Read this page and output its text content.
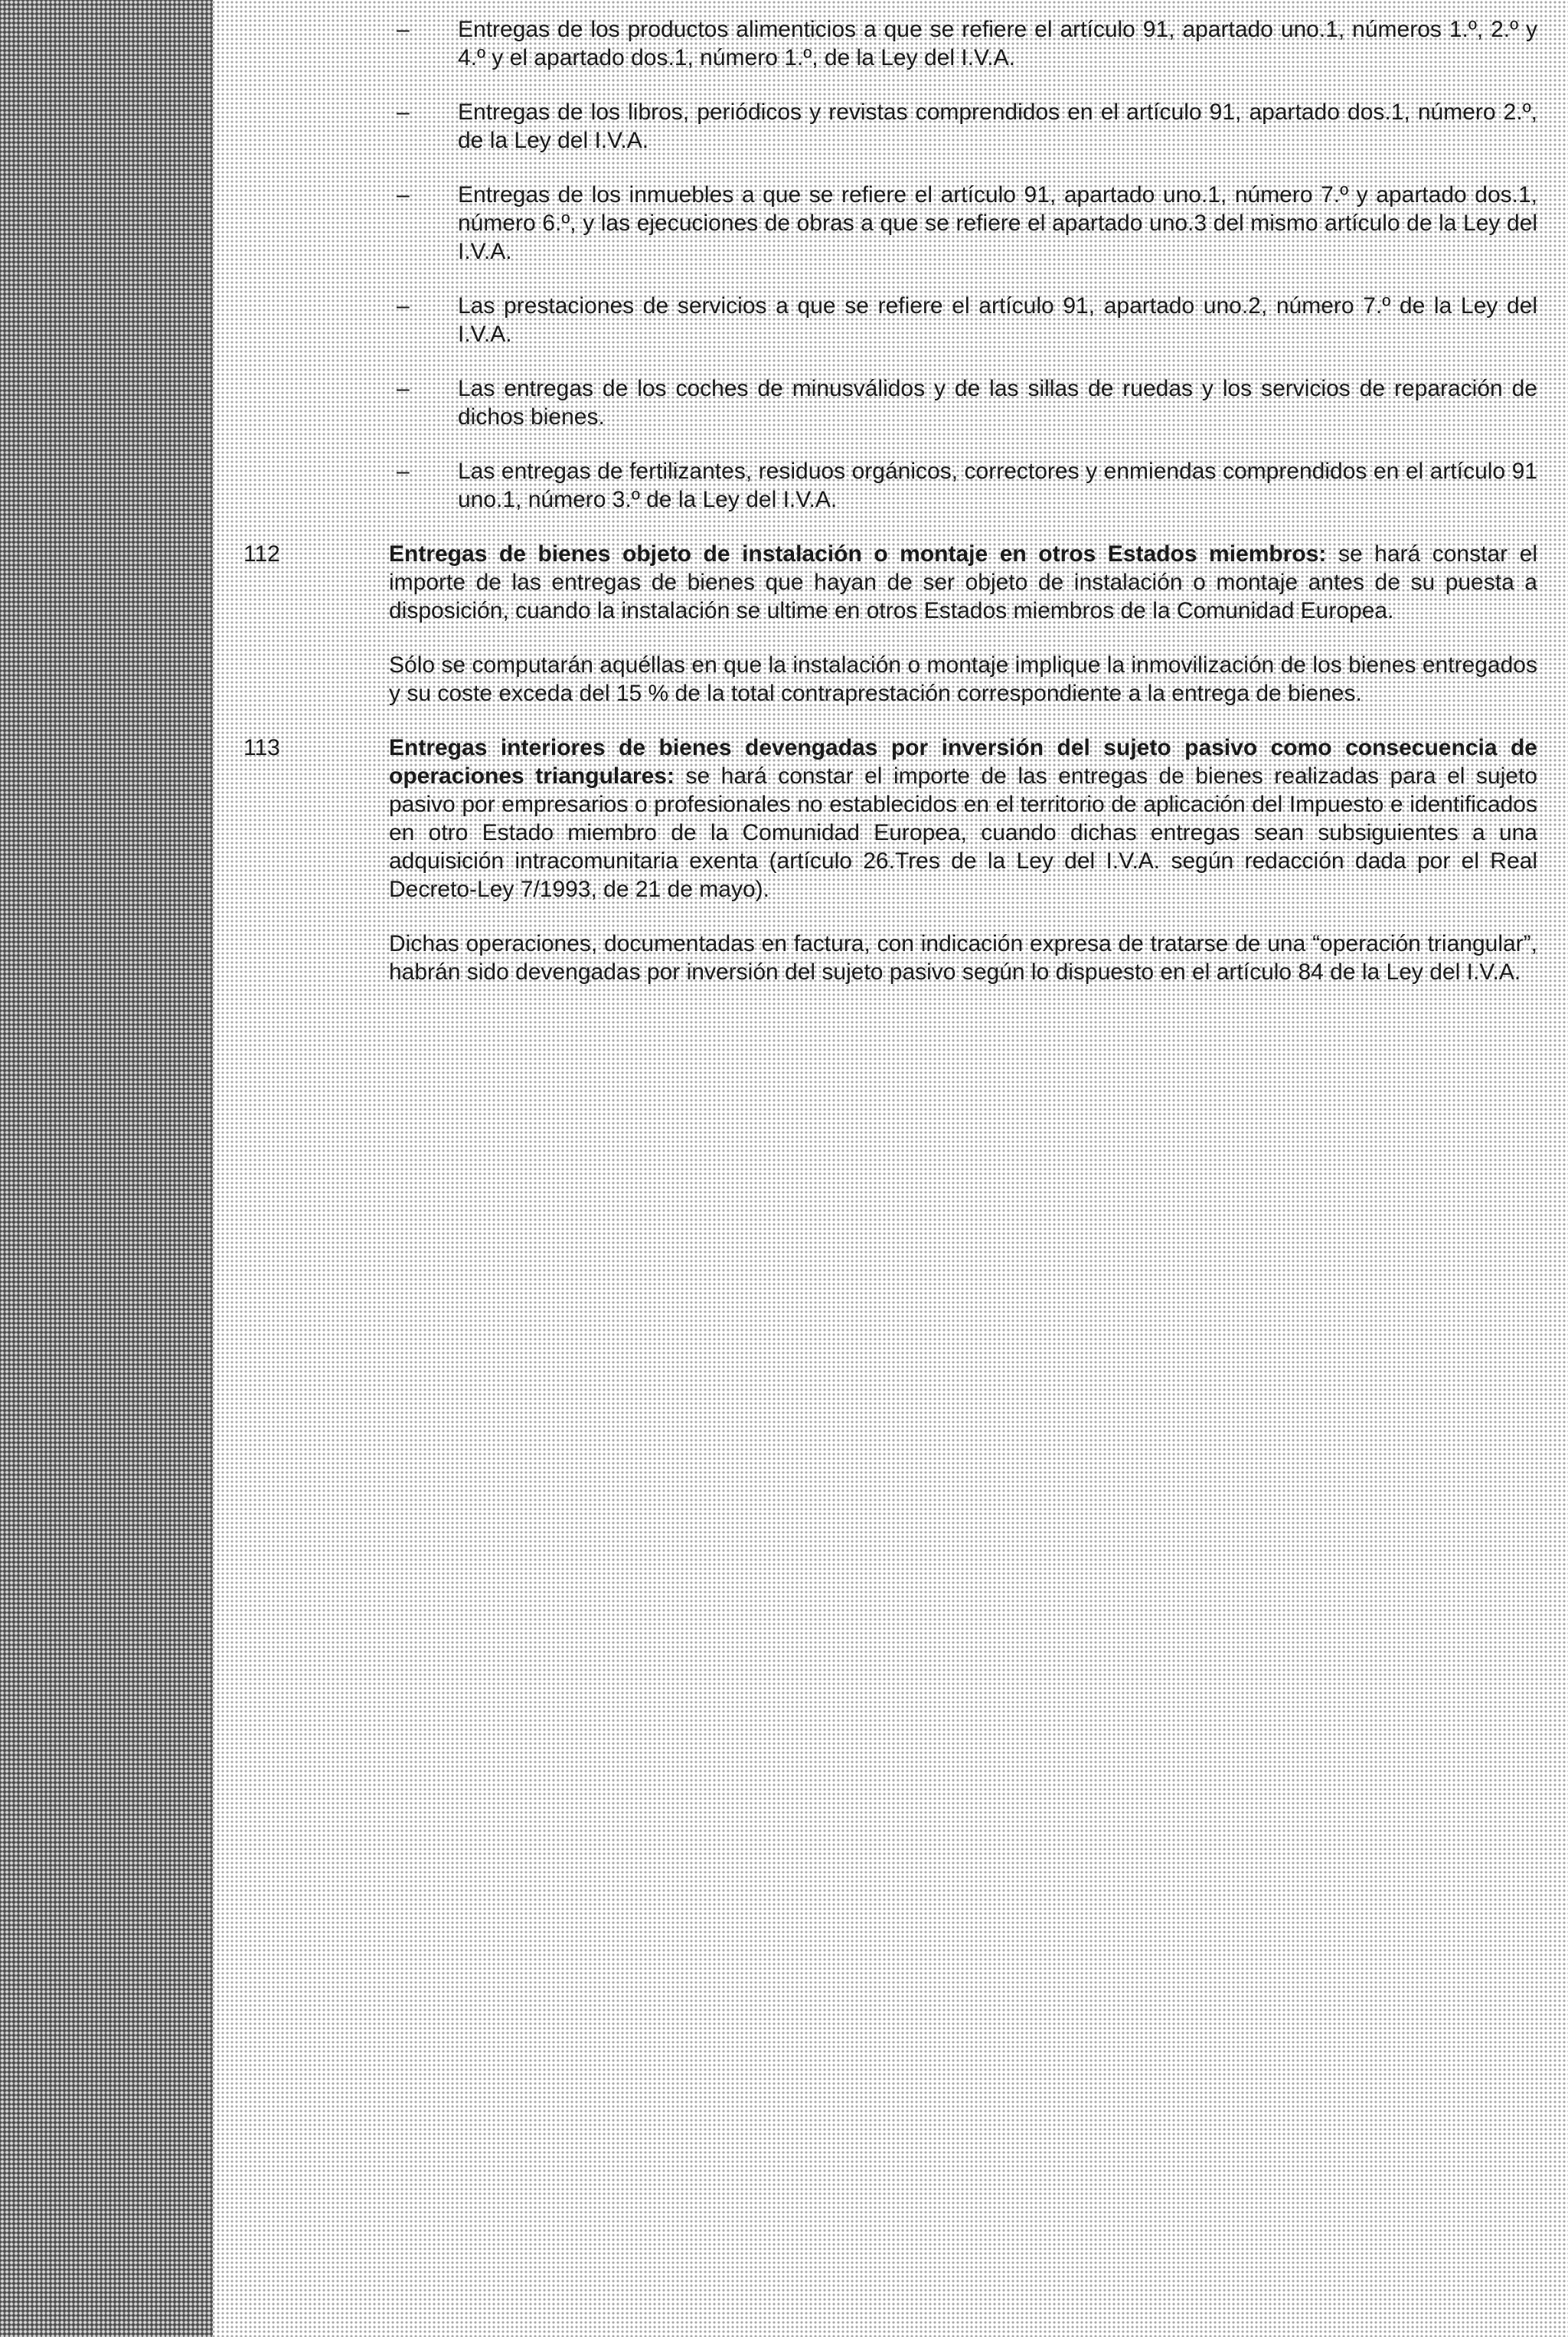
– Entregas de los productos alimenticios a que se refiere el artículo 91, apartado uno.1, números 1.º, 2.º y 4.º y el apartado dos.1, número 1.º, de la Ley del I.V.A.
– Entregas de los libros, periódicos y revistas comprendidos en el artículo 91, apartado dos.1, número 2.º, de la Ley del I.V.A.
– Entregas de los inmuebles a que se refiere el artículo 91, apartado uno.1, número 7.º y apartado dos.1, número 6.º, y las ejecuciones de obras a que se refiere el apartado uno.3 del mismo artículo de la Ley del I.V.A.
– Las prestaciones de servicios a que se refiere el artículo 91, apartado uno.2, número 7.º de la Ley del I.V.A.
– Las entregas de los coches de minusválidos y de las sillas de ruedas y los servicios de reparación de dichos bienes.
– Las entregas de fertilizantes, residuos orgánicos, correctores y enmiendas comprendidos en el artículo 91 uno.1, número 3.º de la Ley del I.V.A.
112	Entregas de bienes objeto de instalación o montaje en otros Estados miembros: se hará constar el importe de las entregas de bienes que hayan de ser objeto de instalación o montaje antes de su puesta a disposición, cuando la instalación se ultime en otros Estados miembros de la Comunidad Europea.

Sólo se computarán aquéllas en que la instalación o montaje implique la inmovilización de los bienes entregados y su coste exceda del 15 % de la total contraprestación correspondiente a la entrega de bienes.

113	Entregas interiores de bienes devengadas por inversión del sujeto pasivo como consecuencia de operaciones triangulares: se hará constar el importe de las entregas de bienes realizadas para el sujeto pasivo por empresarios o profesionales no establecidos en el territorio de aplicación del Impuesto e identificados en otro Estado miembro de la Comunidad Europea, cuando dichas entregas sean subsiguientes a una adquisición intracomunitaria exenta (artículo 26.Tres de la Ley del I.V.A. según redacción dada por el Real Decreto-Ley 7/1993, de 21 de mayo).

Dichas operaciones, documentadas en factura, con indicación expresa de tratarse de una “operación triangular”, habrán sido devengadas por inversión del sujeto pasivo según lo dispuesto en el artículo 84 de la Ley del I.V.A.
